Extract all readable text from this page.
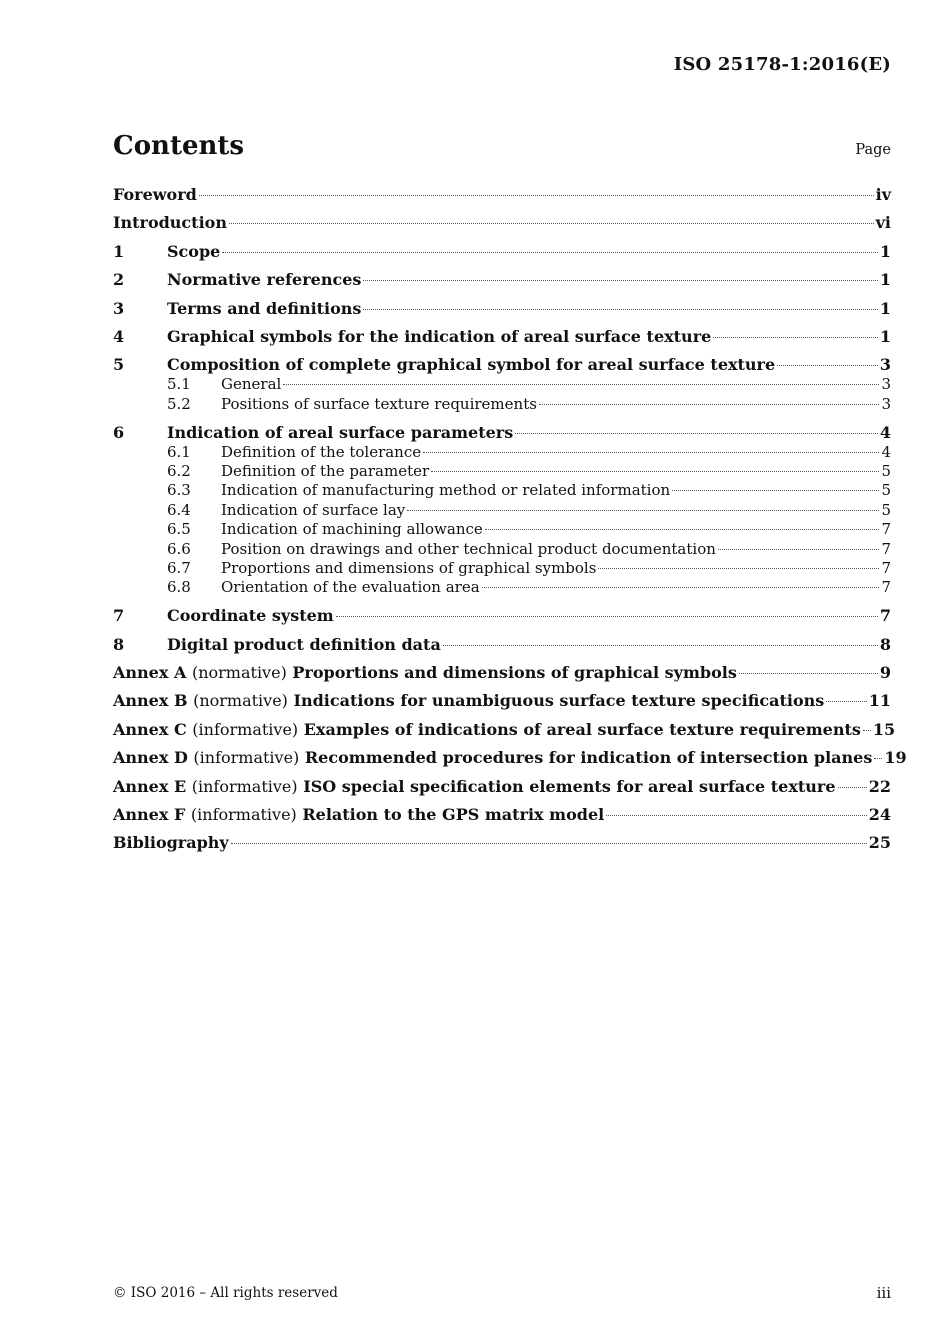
ISO 25178-1:2016(E)
Contents	Page
Foreword	iv
Introduction	vi
1	Scope	1
2	Normative references	1
3	Terms and definitions	1
4	Graphical symbols for the indication of areal surface texture	1
5	Composition of complete graphical symbol for areal surface texture	3
5.1	General	3
5.2	Positions of surface texture requirements	3
6	Indication of areal surface parameters	4
6.1	Definition of the tolerance	4
6.2	Definition of the parameter	5
6.3	Indication of manufacturing method or related information	5
6.4	Indication of surface lay	5
6.5	Indication of machining allowance	7
6.6	Position on drawings and other technical product documentation	7
6.7	Proportions and dimensions of graphical symbols	7
6.8	Orientation of the evaluation area	7
7	Coordinate system	7
8	Digital product definition data	8
Annex A (normative) Proportions and dimensions of graphical symbols	9
Annex B (normative) Indications for unambiguous surface texture specifications	11
Annex C (informative) Examples of indications of areal surface texture requirements 15
Annex D (informative) Recommended procedures for indication of intersection planes 19
Annex E (informative) ISO special specification elements for areal surface texture 22
Annex F (informative) Relation to the GPS matrix model	24
Bibliography	25
© ISO 2016 – All rights reserved	iii
